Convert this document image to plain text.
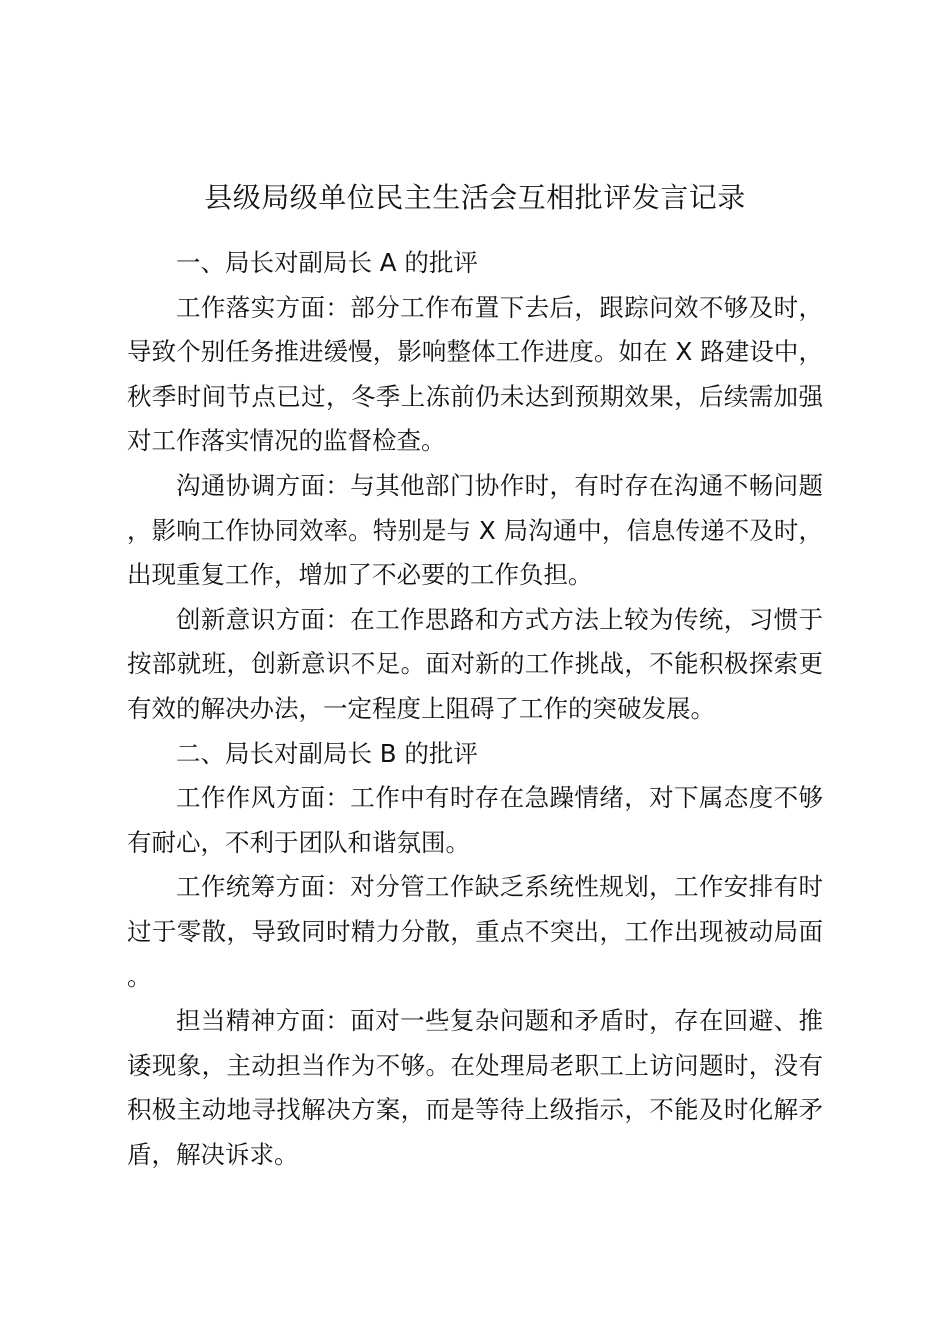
县级局级单位民主生活会互相批评发言记录

一、局长对副局长 A 的批评

工作落实方面：部分工作布置下去后，跟踪问效不够及时，导致个别任务推进缓慢，影响整体工作进度。如在 X 路建设中，秋季时间节点已过，冬季上冻前仍未达到预期效果，后续需加强对工作落实情况的监督检查。

沟通协调方面：与其他部门协作时，有时存在沟通不畅问题，影响工作协同效率。特别是与 X 局沟通中，信息传递不及时，出现重复工作，增加了不必要的工作负担。

创新意识方面：在工作思路和方式方法上较为传统，习惯于按部就班，创新意识不足。面对新的工作挑战，不能积极探索更有效的解决办法，一定程度上阻碍了工作的突破发展。

二、局长对副局长 B 的批评

工作作风方面：工作中有时存在急躁情绪，对下属态度不够有耐心，不利于团队和谐氛围。

工作统筹方面：对分管工作缺乏系统性规划，工作安排有时过于零散，导致同时精力分散，重点不突出，工作出现被动局面。

担当精神方面：面对一些复杂问题和矛盾时，存在回避、推诿现象，主动担当作为不够。在处理局老职工上访问题时，没有积极主动地寻找解决方案，而是等待上级指示，不能及时化解矛盾，解决诉求。
